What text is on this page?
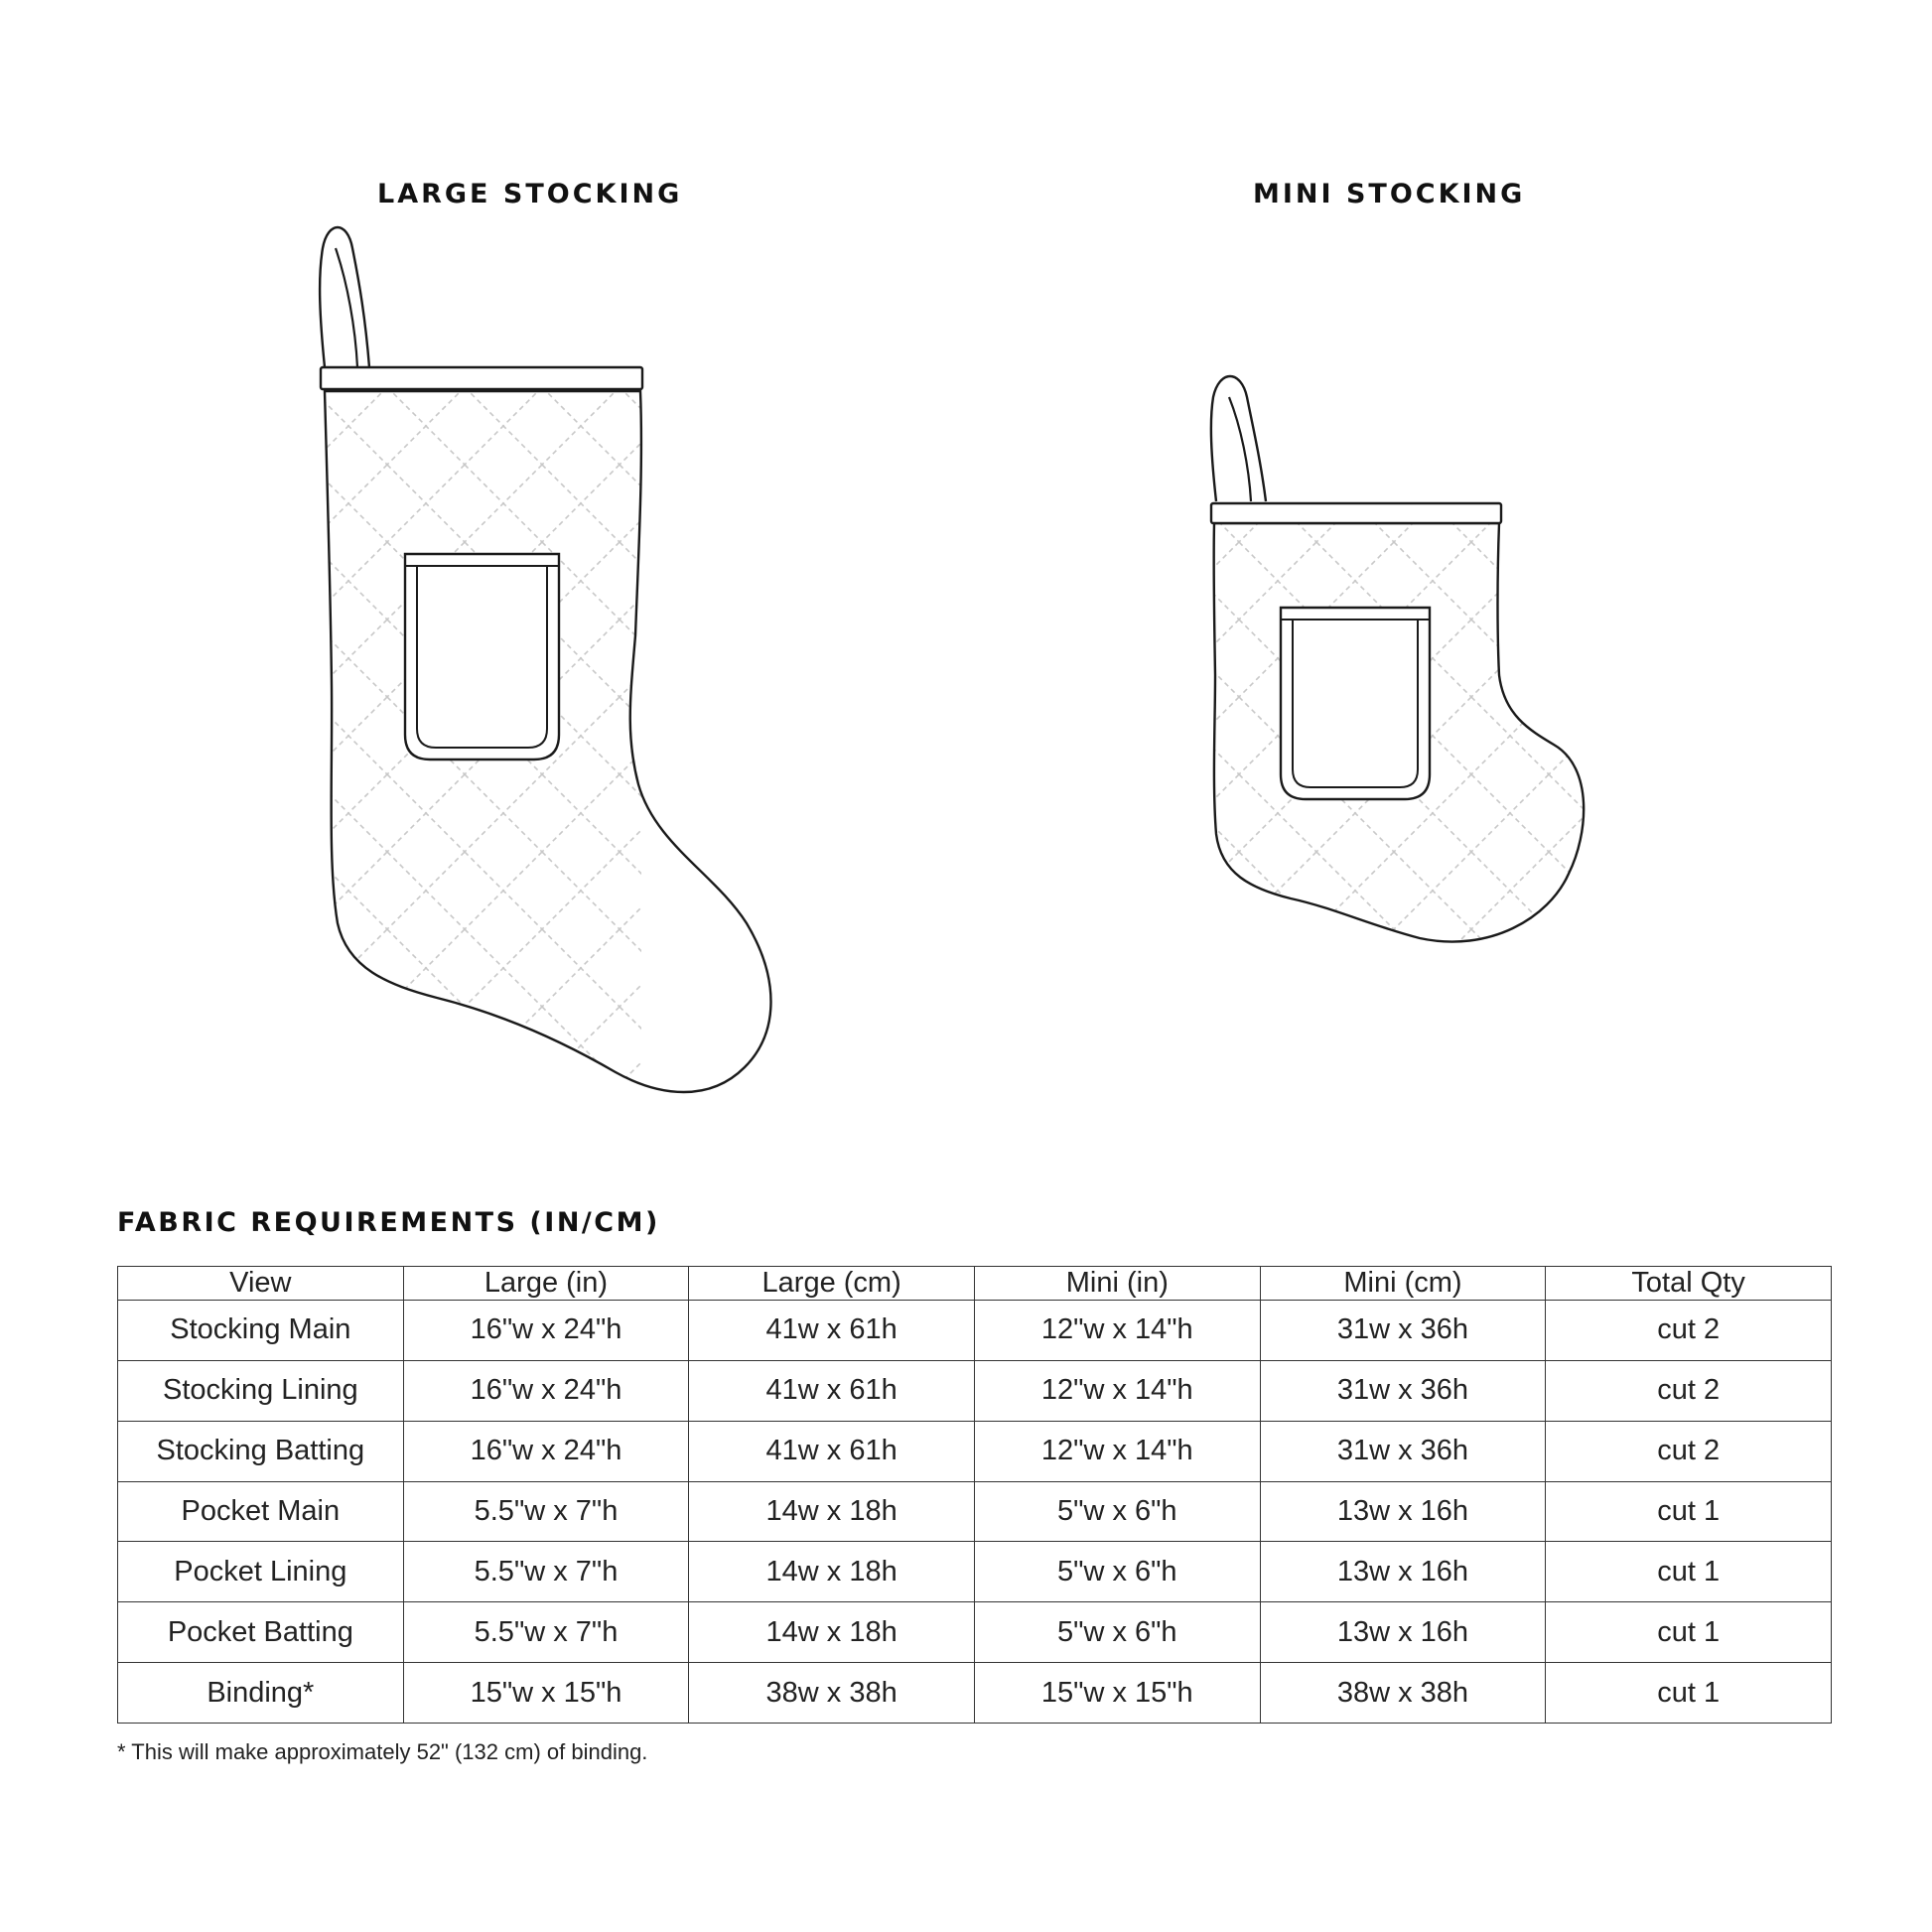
LARGE STOCKING	MINI STOCKING
FABRIC REQUIREMENTS (IN/CM)
View	Large (in)	Large (cm)	Mini (in)	Mini (cm)	Total Qty
Stocking Main	16"w x 24"h	41w x 61h	12"w x 14"h	31w x 36h	cut 2
Stocking Lining	16"w x 24"h	41w x 61h	12"w x 14"h	31w x 36h	cut 2
Stocking Batting	16"w x 24"h	41w x 61h	12"w x 14"h	31w x 36h	cut 2
Pocket Main	5.5"w x 7"h	14w x 18h	5"w x 6"h	13w x 16h	cut 1
Pocket Lining	5.5"w x 7"h	14w x 18h	5"w x 6"h	13w x 16h	cut 1
Pocket Batting	5.5"w x 7"h	14w x 18h	5"w x 6"h	13w x 16h	cut 1
Binding*	15"w x 15"h	38w x 38h	15"w x 15"h	38w x 38h	cut 1
* This will make approximately 52" (132 cm) of binding.
